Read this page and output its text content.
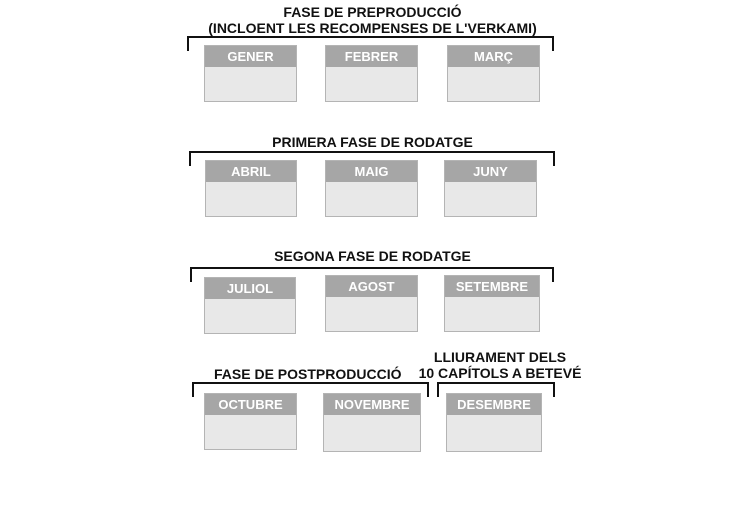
FASE DE PREPRODUCCIÓ
(INCLOENT LES RECOMPENSES DE L'VERKAMI)
GENER	FEBRER	MARÇ
PRIMERA FASE DE RODATGE
ABRIL	MAIG	JUNY
SEGONA FASE DE RODATGE
JULIOL	AGOST	SETEMBRE
FASE DE POSTPRODUCCIÓ
OCTUBRE	NOVEMBRE
LLIURAMENT DELS
10 CAPÍTOLS A BETEVÉ
DESEMBRE
